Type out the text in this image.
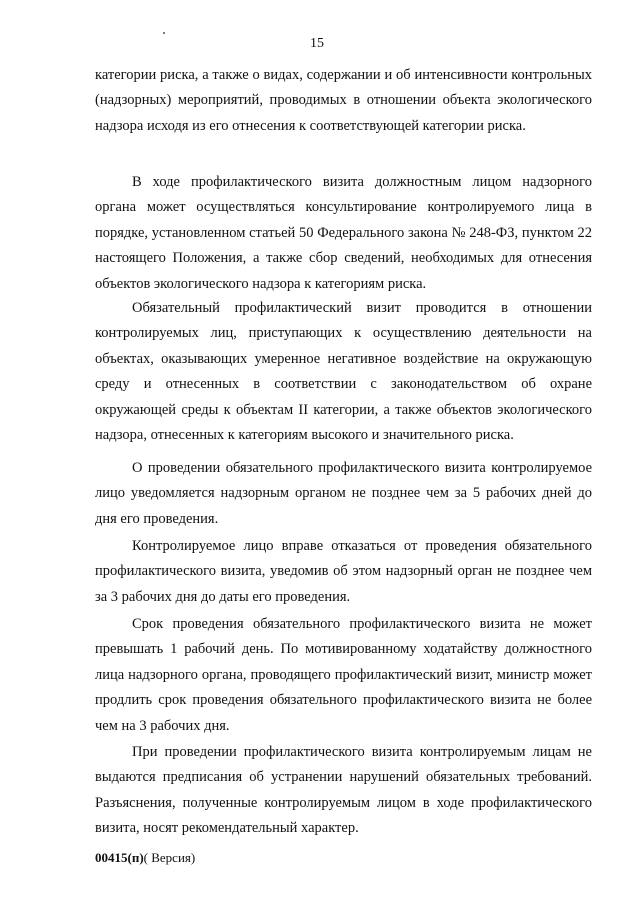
15

категории риска, а также о видах, содержании и об интенсивности контрольных (надзорных) мероприятий, проводимых в отношении объекта экологического надзора исходя из его отнесения к соответствующей категории риска.

В ходе профилактического визита должностным лицом надзорного органа может осуществляться консультирование контролируемого лица в порядке, установленном статьей 50 Федерального закона № 248-ФЗ, пунктом 22 настоящего Положения, а также сбор сведений, необходимых для отнесения объектов экологического надзора к категориям риска.

Обязательный профилактический визит проводится в отношении контролируемых лиц, приступающих к осуществлению деятельности на объектах, оказывающих умеренное негативное воздействие на окружающую среду и отнесенных в соответствии с законодательством об охране окружающей среды к объектам II категории, а также объектов экологического надзора, отнесенных к категориям высокого и значительного риска.

О проведении обязательного профилактического визита контролируемое лицо уведомляется надзорным органом не позднее чем за 5 рабочих дней до дня его проведения.

Контролируемое лицо вправе отказаться от проведения обязательного профилактического визита, уведомив об этом надзорный орган не позднее чем за 3 рабочих дня до даты его проведения.

Срок проведения обязательного профилактического визита не может превышать 1 рабочий день. По мотивированному ходатайству должностного лица надзорного органа, проводящего профилактический визит, министр может продлить срок проведения обязательного профилактического визита не более чем на 3 рабочих дня.

При проведении профилактического визита контролируемым лицам не выдаются предписания об устранении нарушений обязательных требований. Разъяснения, полученные контролируемым лицом в ходе профилактического визита, носят рекомендательный характер.

00415(п)( Версия)
